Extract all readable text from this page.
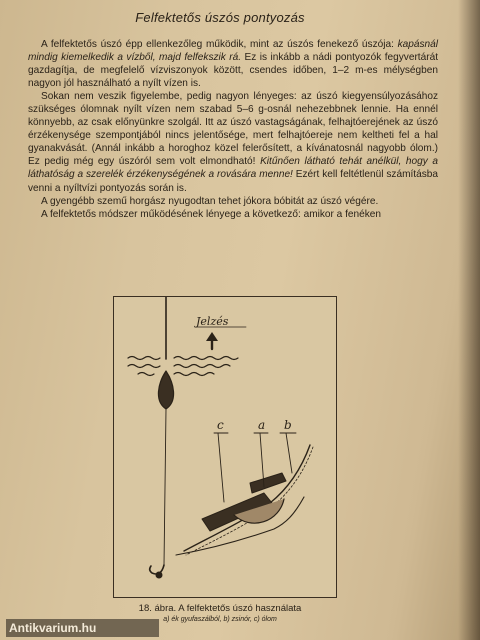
Felfektetős úszós pontyozás

A felfektetős úszó épp ellenkezőleg működik, mint az úszós fenekező úszója: kapásnál mindig kiemelkedik a vízből, majd felfekszik rá. Ez is inkább a nádi pontyozók fegyvertárát gazdagítja, de megfelelő vízviszonyok között, csendes időben, 1–2 m-es mélységben nagyon jól használható a nyílt vízen is.

Sokan nem veszik figyelembe, pedig nagyon lényeges: az úszó kiegyensúlyozásához szükséges ólomnak nyílt vízen nem szabad 5–6 g-osnál nehezebbnek lennie. Ha ennél könnyebb, az csak előnyünkre szolgál. Itt az úszó vastagságának, felhajtóerejének az úszó érzékenysége szempontjából nincs jelentősége, mert felhajtóereje nem keltheti fel a hal gyanakvását. (Annál inkább a horoghoz közel felerősített, a kívánatosnál nagyobb ólom.) Ez pedig még egy úszóról sem volt elmondható! Kitűnően látható tehát anélkül, hogy a láthatóság a szerelék érzékenységének a rovására menne! Ezért kell feltétlenül számításba venni a nyíltvízi pontyozás során is.

A gyengébb szemű horgász nyugodtan tehet jókora bóbitát az úszó végére.

A felfektetős módszer működésének lényege a következő: amikor a fenéken

Jelzés
c	a b
18. ábra. A felfektetős úszó használata
a) ék gyufaszálból, b) zsinór, c) ólom
Antikvarium.hu
